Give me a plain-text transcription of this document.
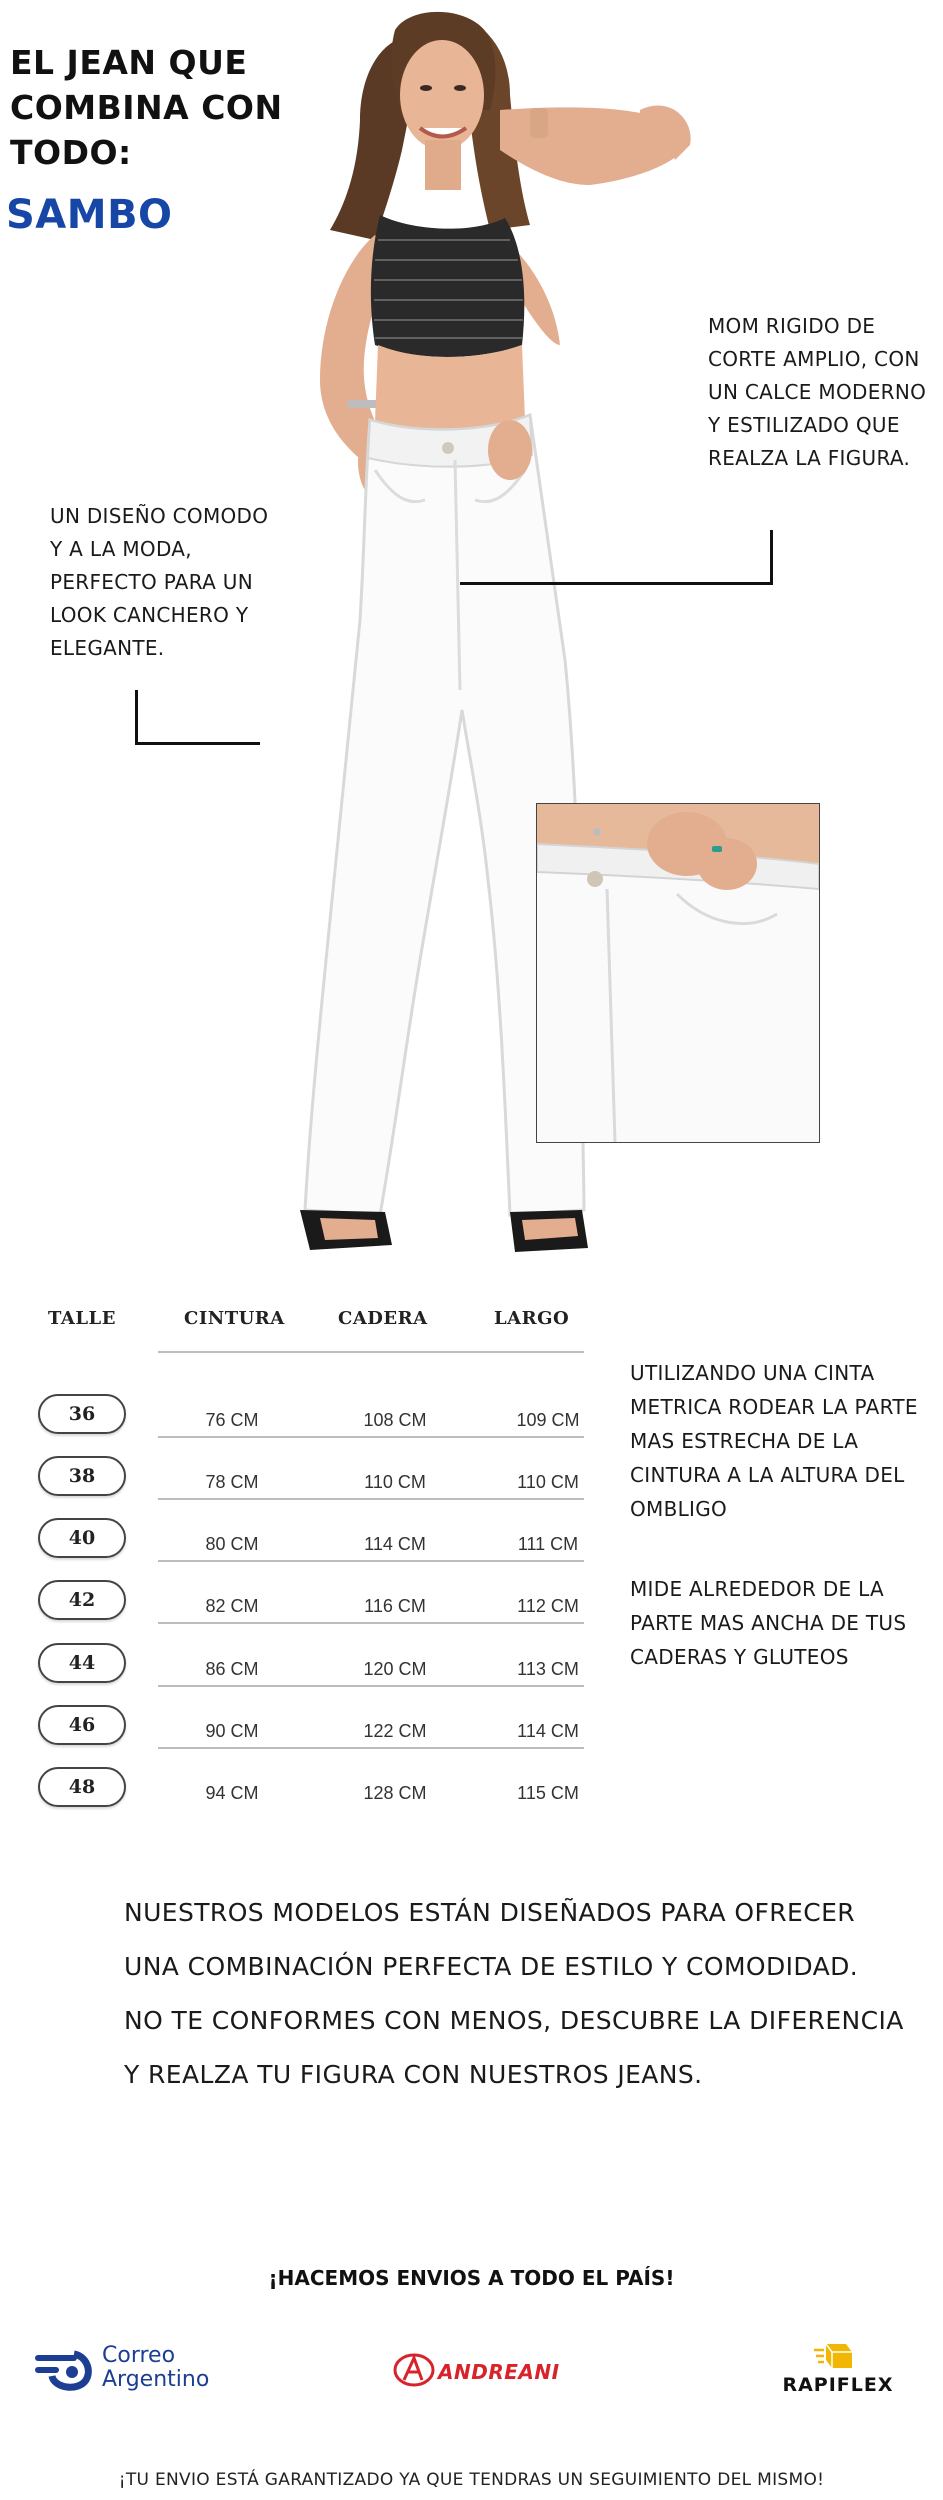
EL JEAN QUE
COMBINA CON
TODO:
SAMBO
MOM RIGIDO DE
CORTE AMPLIO, CON
UN CALCE MODERNO
Y ESTILIZADO QUE
REALZA LA FIGURA.
UN DISEÑO COMODO
Y A LA MODA,
PERFECTO PARA UN
LOOK CANCHERO Y
ELEGANTE.
TALLE	CINTURA	CADERA	LARGO
36	76 CM	108 CM	109 CM
38	78 CM	110 CM	110 CM
40	80 CM	114 CM	111 CM
42	82 CM	116 CM	112 CM
44	86 CM	120 CM	113 CM
46	90 CM	122 CM	114 CM
48	94 CM	128 CM	115 CM
UTILIZANDO UNA CINTA
METRICA RODEAR LA PARTE
MAS ESTRECHA DE LA
CINTURA A LA ALTURA DEL
OMBLIGO
MIDE ALREDEDOR DE LA
PARTE MAS ANCHA DE TUS
CADERAS Y GLUTEOS
NUESTROS MODELOS ESTÁN DISEÑADOS PARA OFRECER
UNA COMBINACIÓN PERFECTA DE ESTILO Y COMODIDAD.
NO TE CONFORMES CON MENOS, DESCUBRE LA DIFERENCIA
Y REALZA TU FIGURA CON NUESTROS JEANS.
¡HACEMOS ENVIOS A TODO EL PAÍS!
Correo
Argentino	ANDREANI
RAPIFLEX
¡TU ENVIO ESTÁ GARANTIZADO YA QUE TENDRAS UN SEGUIMIENTO DEL MISMO!
